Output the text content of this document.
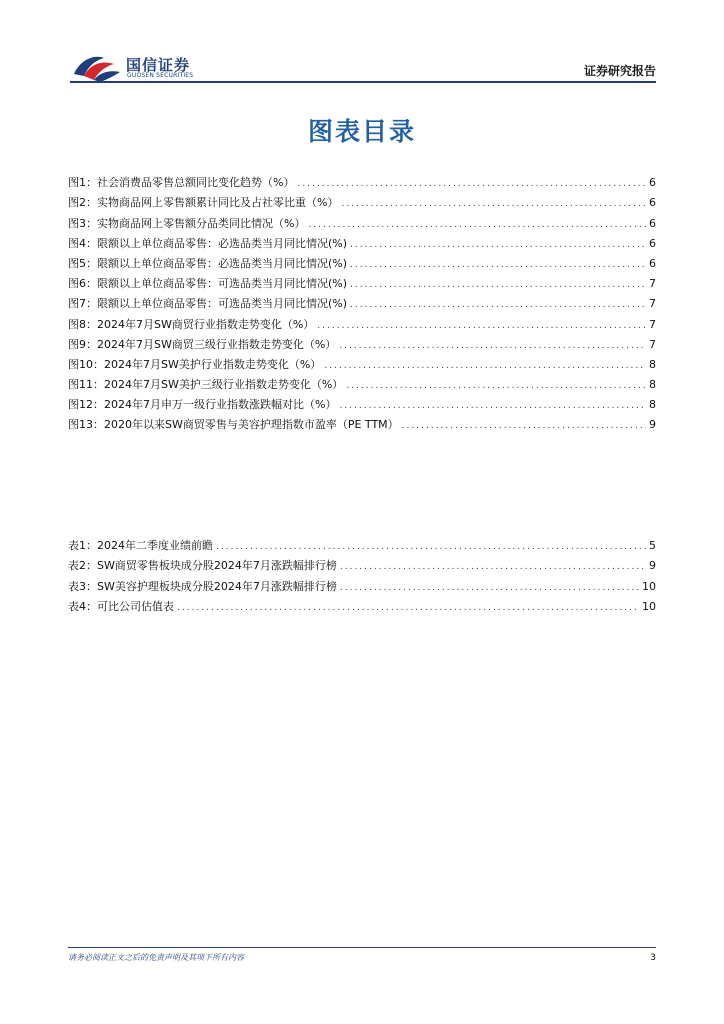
国信证券
GUOSEN SECURITIES	证券研究报告
图表目录
图1： 社会消费品零售总额同比变化趋势（%） .....	6
图2： 实物商品网上零售额累计同比及占社零比重（%） .....	6
图3： 实物商品网上零售额分品类同比情况（%） .....	6
图4： 限额以上单位商品零售：必选品类当月同比情况(%) .....	6
图5： 限额以上单位商品零售：必选品类当月同比情况(%) .....	6
图6： 限额以上单位商品零售：可选品类当月同比情况(%) .....	7
图7： 限额以上单位商品零售：可选品类当月同比情况(%) .....	7
图8： 2024年7月SW商贸行业指数走势变化（%） .....	7
图9： 2024年7月SW商贸三级行业指数走势变化（%） .....	7
图10： 2024年7月SW美护行业指数走势变化（%） .....	8
图11： 2024年7月SW美护三级行业指数走势变化（%） .....	8
图12： 2024年7月申万一级行业指数涨跌幅对比（%） .....	8
图13： 2020年以来SW商贸零售与美容护理指数市盈率（PE TTM） .....	9
表1： 2024年二季度业绩前瞻 .....	5
表2： SW商贸零售板块成分股2024年7月涨跌幅排行榜 .....	9
表3： SW美容护理板块成分股2024年7月涨跌幅排行榜 .....	10
表4： 可比公司估值表 .....	10
请务必阅读正文之后的免责声明及其项下所有内容	3
